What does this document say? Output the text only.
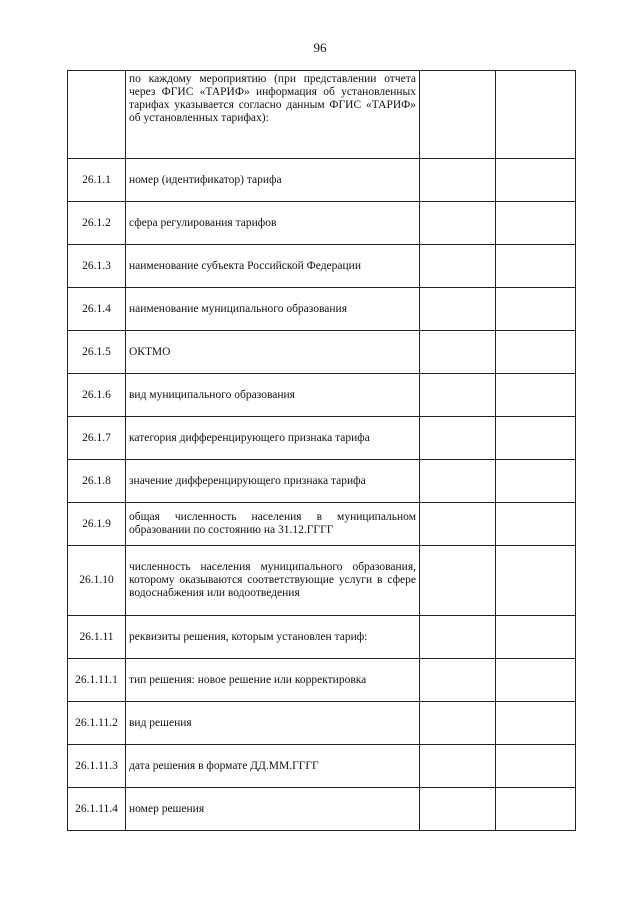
96
	по каждому мероприятию (при представлении отчета через ФГИС «ТАРИФ» информация об установленных тарифах указывается согласно данным ФГИС «ТАРИФ» об установленных тарифах):		
26.1.1	номер (идентификатор) тарифа		
26.1.2	сфера регулирования тарифов		
26.1.3	наименование субъекта Российской Федерации		
26.1.4	наименование муниципального образования		
26.1.5	ОКТМО		
26.1.6	вид муниципального образования		
26.1.7	категория дифференцирующего признака тарифа		
26.1.8	значение дифференцирующего признака тарифа		
26.1.9	общая численность населения в муниципальном образовании по состоянию на 31.12.ГГГГ		
26.1.10	численность населения муниципального образования, которому оказываются соответствующие услуги в сфере водоснабжения или водоотведения		
26.1.11	реквизиты решения, которым установлен тариф:		
26.1.11.1	тип решения: новое решение или корректировка		
26.1.11.2	вид решения		
26.1.11.3	дата решения в формате ДД.ММ.ГГГГ		
26.1.11.4	номер решения		
